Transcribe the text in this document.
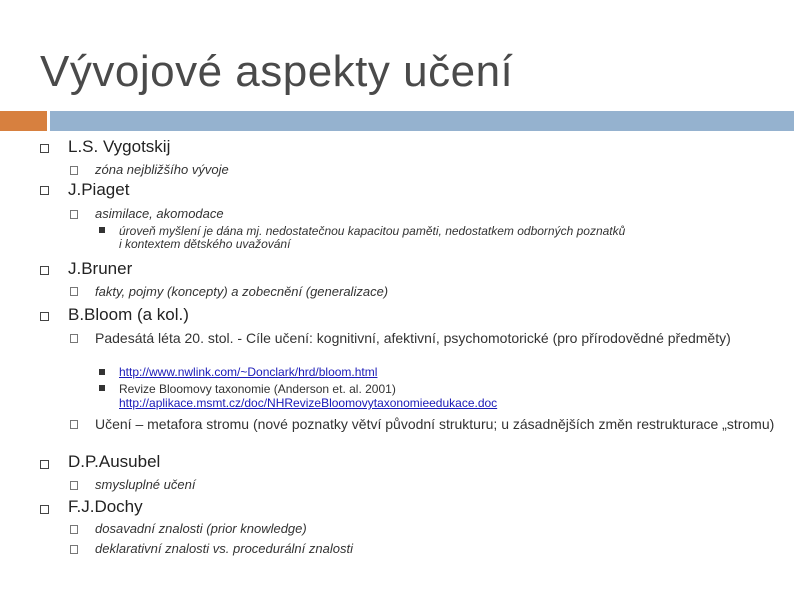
Vývojové aspekty učení
L.S. Vygotskij
zóna nejbližšího vývoje
J.Piaget
asimilace, akomodace
úroveň myšlení je dána mj. nedostatečnou kapacitou paměti, nedostatkem odborných poznatků
i kontextem dětského uvažování
J.Bruner
fakty, pojmy (koncepty) a zobecnění (generalizace)
B.Bloom (a kol.)
Padesátá léta 20. stol. - Cíle učení: kognitivní, afektivní, psychomotorické (pro přírodovědné předměty)
http://www.nwlink.com/~Donclark/hrd/bloom.html
Revize Bloomovy taxonomie (Anderson et. al. 2001)
http://aplikace.msmt.cz/doc/NHRevizeBloomovytaxonomieedukace.doc
Učení – metafora stromu (nové poznatky větví původní strukturu; u zásadnějších změn restrukturace „stromu)
D.P.Ausubel
smysluplné učení
F.J.Dochy
dosavadní znalosti (prior knowledge)
deklarativní znalosti vs. procedurální znalosti
